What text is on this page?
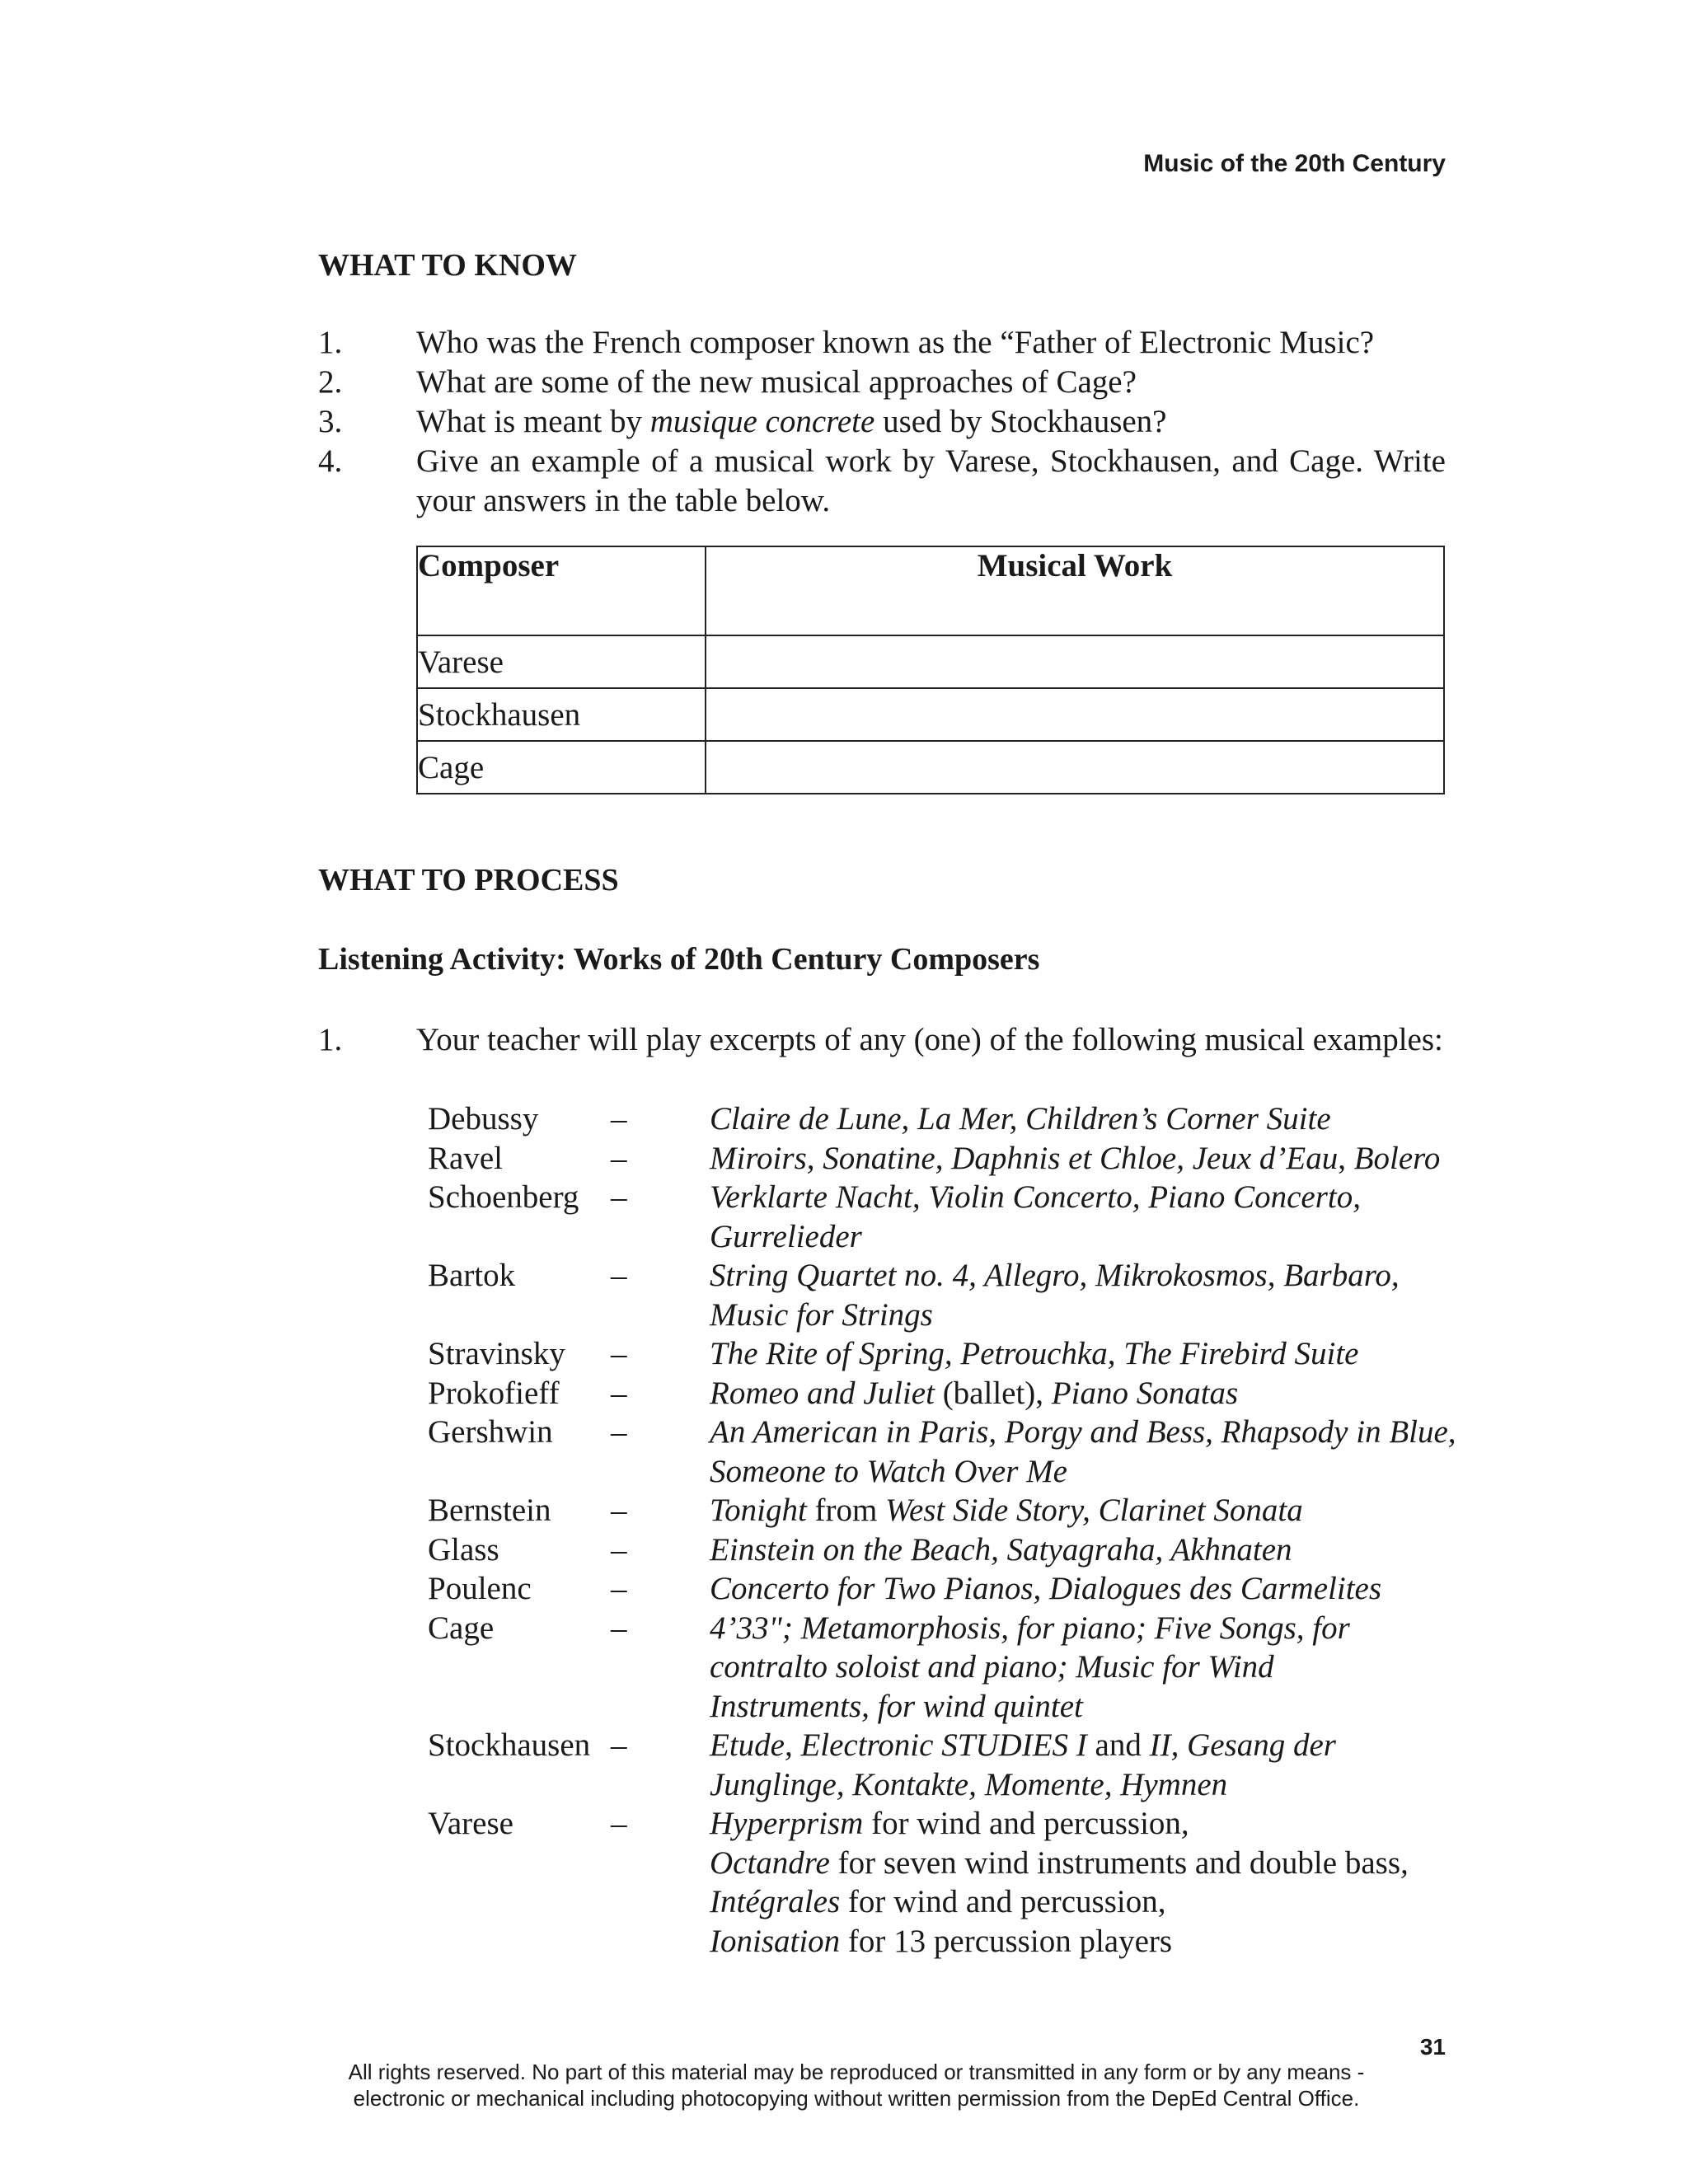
Music of the 20th Century
WHAT TO KNOW
1. Who was the French composer known as the “Father of Electronic Music?
2. What are some of the new musical approaches of Cage?
3. What is meant by musique concrete used by Stockhausen?
4. Give an example of a musical work by Varese, Stockhausen, and Cage. Write your answers in the table below.
Composer	Musical Work
Varese	
Stockhausen	
Cage	
WHAT TO PROCESS
Listening Activity: Works of 20th Century Composers
1. Your teacher will play excerpts of any (one) of the following musical examples:
Debussy	–	Claire de Lune, La Mer, Children’s Corner Suite
Ravel	–	Miroirs, Sonatine, Daphnis et Chloe, Jeux d’Eau, Bolero
Schoenberg –	Verklarte Nacht, Violin Concerto, Piano Concerto,
Gurrelieder
Bartok	–	String Quartet no. 4, Allegro, Mikrokosmos, Barbaro,
Music for Strings
Stravinsky	–	The Rite of Spring, Petrouchka, The Firebird Suite
Prokofieff	–	Romeo and Juliet (ballet), Piano Sonatas
Gershwin	–	An American in Paris, Porgy and Bess, Rhapsody in Blue,
Someone to Watch Over Me
Bernstein	–	Tonight from West Side Story, Clarinet Sonata
Glass	–	Einstein on the Beach, Satyagraha, Akhnaten
Poulenc	–	Concerto for Two Pianos, Dialogues des Carmelites
Cage	–	4’33"; Metamorphosis, for piano; Five Songs, for
contralto soloist and piano; Music for Wind
Instruments, for wind quintet
Stockhausen –	Etude, Electronic STUDIES I and II, Gesang der
Junglinge, Kontakte, Momente, Hymnen
Varese	–	Hyperprism for wind and percussion,
Octandre for seven wind instruments and double bass,
Intégrales for wind and percussion,
Ionisation for 13 percussion players
31
All rights reserved. No part of this material may be reproduced or transmitted in any form or by any means -
electronic or mechanical including photocopying without written permission from the DepEd Central Office.
